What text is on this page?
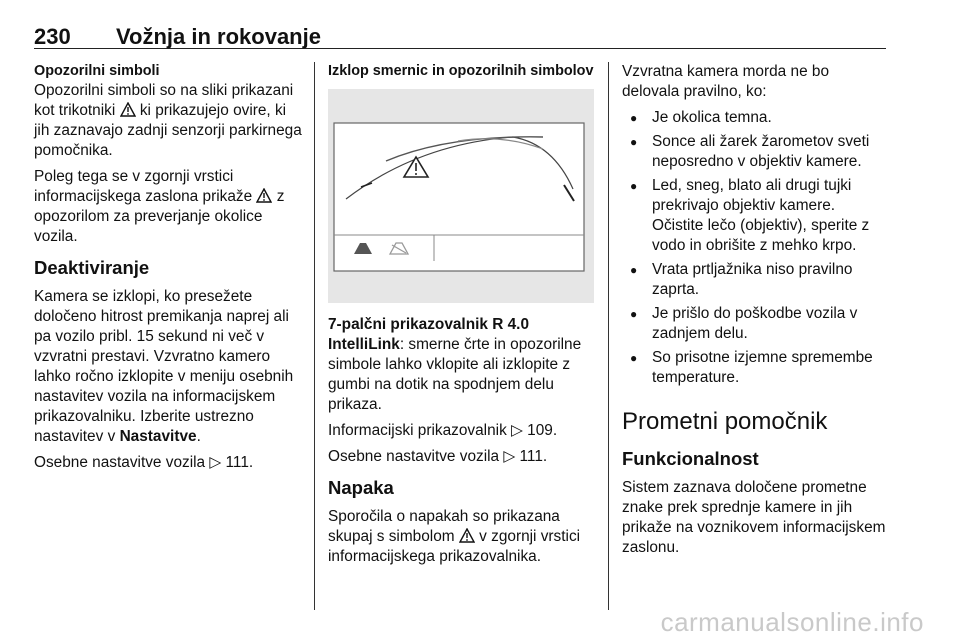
230 Vožnja in rokovanje
Opozorilni simboli

Opozorilni simboli so na sliki prikazani kot trikotniki ki prikazujejo ovire, ki jih zaznavajo zadnji senzorji parkirnega pomočnika.

Poleg tega se v zgornji vrstici informacijskega zaslona prikaže z opozorilom za preverjanje okolice vozila.

Deaktiviranje

Kamera se izklopi, ko presežete določeno hitrost premikanja naprej ali pa vozilo pribl. 15 sekund ni več v vzvratni prestavi. Vzvratno kamero lahko ročno izklopite v meniju osebnih nastavitev vozila na informacijskem prikazovalniku. Izberite ustrezno nastavitev v Nastavitve.

Osebne nastavitve vozila ▷ 111.

Izklop smernic in opozorilnih simbolov

7-palčni prikazovalnik R 4.0 IntelliLink: smerne črte in opozorilne simbole lahko vklopite ali izklopite z gumbi na dotik na spodnjem delu prikaza.

Informacijski prikazovalnik ▷ 109.

Osebne nastavitve vozila ▷ 111.

Napaka

Sporočila o napakah so prikazana skupaj s simbolom v zgornji vrstici informacijskega prikazovalnika.

Vzvratna kamera morda ne bo delovala pravilno, ko:

● Je okolica temna.
● Sonce ali žarek žarometov sveti neposredno v objektiv kamere.
● Led, sneg, blato ali drugi tujki prekrivajo objektiv kamere. Očistite lečo (objektiv), sperite z vodo in obrišite z mehko krpo.
● Vrata prtljažnika niso pravilno zaprta.
● Je prišlo do poškodbe vozila v zadnjem delu.
● So prisotne izjemne spremembe temperature.
Prometni pomočnik
Funkcionalnost

Sistem zaznava določene prometne znake prek sprednje kamere in jih prikaže na voznikovem informacijskem zaslonu.

carmanualsonline.info
